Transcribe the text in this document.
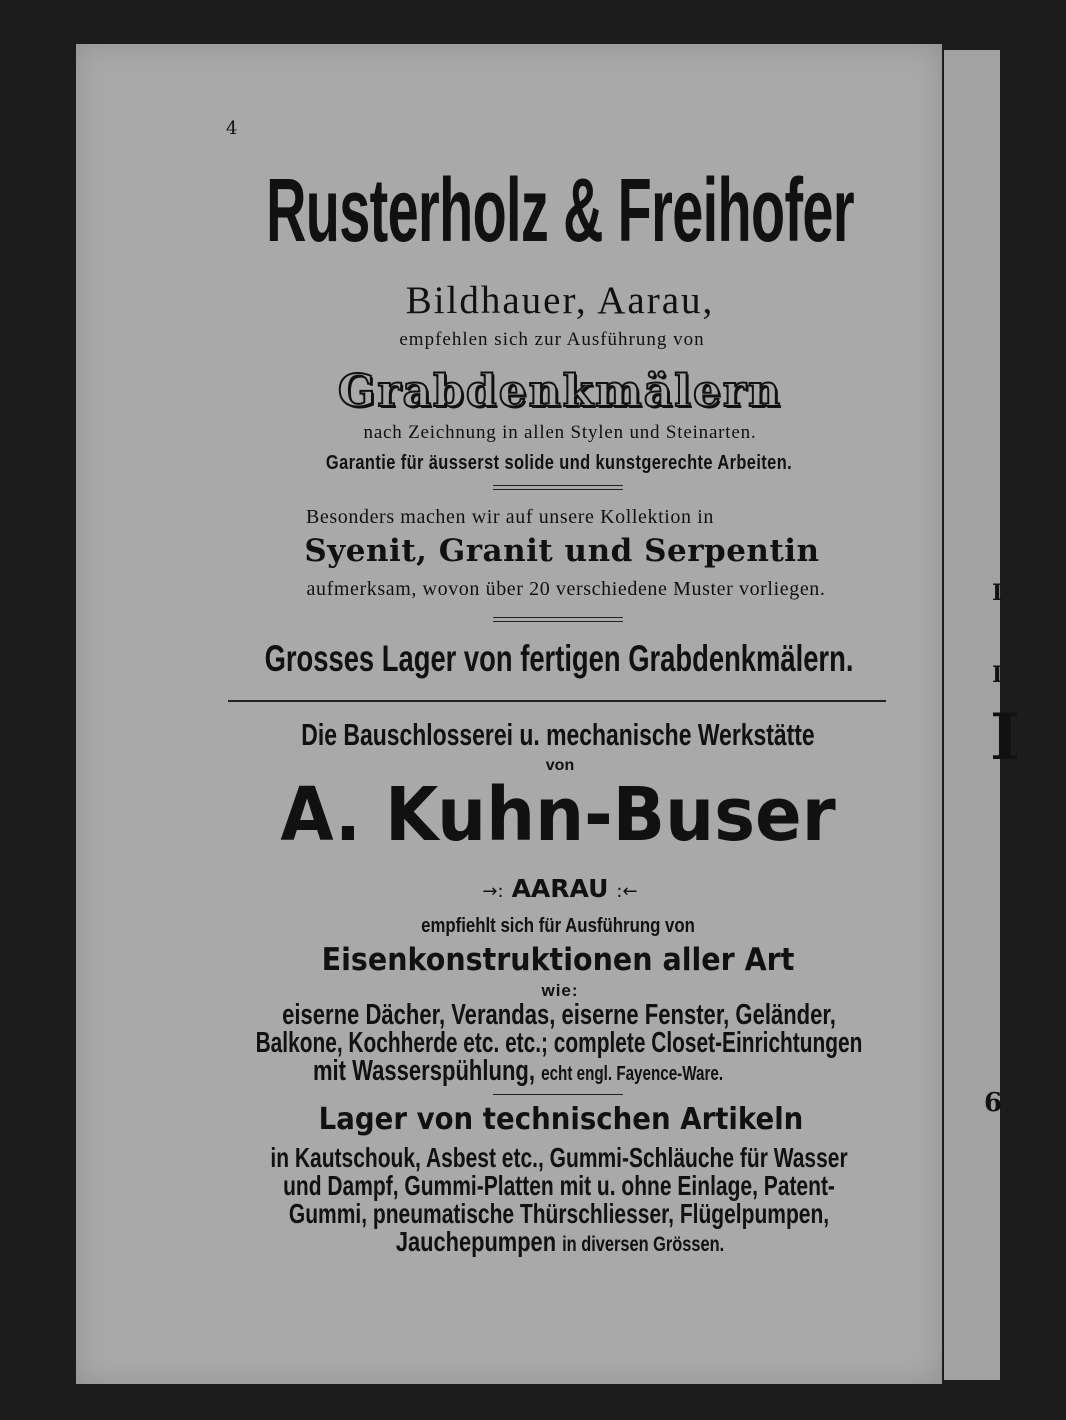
I
I
I
6
4
Rusterholz & Freihofer
Bildhauer, Aarau,
empfehlen sich zur Ausführung von
Grabdenkmälern
nach Zeichnung in allen Stylen und Steinarten.
Garantie für äusserst solide und kunstgerechte Arbeiten.
Besonders machen wir auf unsere Kollektion in
Syenit, Granit und Serpentin
aufmerksam, wovon über 20 verschiedene Muster vorliegen.
Grosses Lager von fertigen Grabdenkmälern.
Die Bauschlosserei u. mechanische Werkstätte
von
A. Kuhn-Buser
→: AARAU :←
empfiehlt sich für Ausführung von
Eisenkonstruktionen aller Art
wie:
eiserne Dächer, Verandas, eiserne Fenster, Geländer,
Balkone, Kochherde etc. etc.; complete Closet-Einrichtungen
mit Wasserspühlung, echt engl. Fayence-Ware.
Lager von technischen Artikeln
in Kautschouk, Asbest etc., Gummi-Schläuche für Wasser
und Dampf, Gummi-Platten mit u. ohne Einlage, Patent-
Gummi, pneumatische Thürschliesser, Flügelpumpen,
Jauchepumpen in diversen Grössen.
